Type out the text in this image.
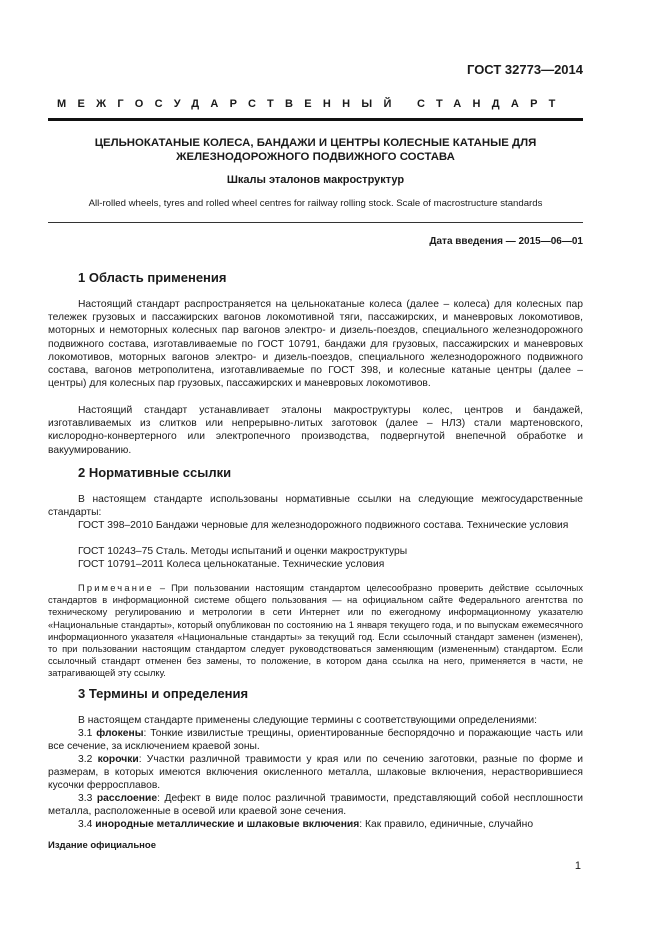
ГОСТ 32773—2014
МЕЖГОСУДАРСТВЕННЫЙ СТАНДАРТ
ЦЕЛЬНОКАТАНЫЕ КОЛЕСА, БАНДАЖИ И ЦЕНТРЫ КОЛЕСНЫЕ КАТАНЫЕ ДЛЯ
ЖЕЛЕЗНОДОРОЖНОГО ПОДВИЖНОГО СОСТАВА
Шкалы эталонов макроструктур
All-rolled wheels, tyres and rolled wheel centres for railway rolling stock. Scale of macrostructure standards
Дата введения — 2015—06—01
1 Область применения
Настоящий стандарт распространяется на цельнокатаные колеса (далее – колеса) для колесных пар тележек грузовых и пассажирских вагонов локомотивной тяги, пассажирских, и маневровых локомотивов, моторных и немоторных колесных пар вагонов электро- и дизель-поездов, специального железнодорожного подвижного состава, изготавливаемые по ГОСТ 10791, бандажи для грузовых, пассажирских и маневровых локомотивов, моторных вагонов электро- и дизель-поездов, специального железнодорожного подвижного состава, вагонов метрополитена, изготавливаемые по ГОСТ 398, и колесные катаные центры (далее – центры) для колесных пар грузовых, пассажирских и маневровых локомотивов.
Настоящий стандарт устанавливает эталоны макроструктуры колес, центров и бандажей, изготавливаемых из слитков или непрерывно-литых заготовок (далее – НЛЗ) стали мартеновского, кислородно-конвертерного или электропечного производства, подвергнутой внепечной обработке и вакуумированию.
2 Нормативные ссылки
В настоящем стандарте использованы нормативные ссылки на следующие межгосударственные стандарты:
ГОСТ 398–2010 Бандажи черновые для железнодорожного подвижного состава. Технические условия
ГОСТ 10243–75 Сталь. Методы испытаний и оценки макроструктуры
ГОСТ 10791–2011 Колеса цельнокатаные. Технические условия
Примечание – При пользовании настоящим стандартом целесообразно проверить действие ссылочных стандартов в информационной системе общего пользования — на официальном сайте Федерального агентства по техническому регулированию и метрологии в сети Интернет или по ежегодному информационному указателю «Национальные стандарты», который опубликован по состоянию на 1 января текущего года, и по выпускам ежемесячного информационного указателя «Национальные стандарты» за текущий год. Если ссылочный стандарт заменен (изменен), то при пользовании настоящим стандартом следует руководствоваться заменяющим (измененным) стандартом. Если ссылочный стандарт отменен без замены, то положение, в котором дана ссылка на него, применяется в части, не затрагивающей эту ссылку.
3 Термины и определения
В настоящем стандарте применены следующие термины с соответствующими определениями:
3.1 флокены: Тонкие извилистые трещины, ориентированные беспорядочно и поражающие часть или все сечение, за исключением краевой зоны.
3.2 корочки: Участки различной травимости у края или по сечению заготовки, разные по форме и размерам, в которых имеются включения окисленного металла, шлаковые включения, нерастворившиеся кусочки ферросплавов.
3.3 расслоение: Дефект в виде полос различной травимости, представляющий собой несплошности металла, расположенные в осевой или краевой зоне сечения.
3.4 инородные металлические и шлаковые включения: Как правило, единичные, случайно
Издание официальное
1
